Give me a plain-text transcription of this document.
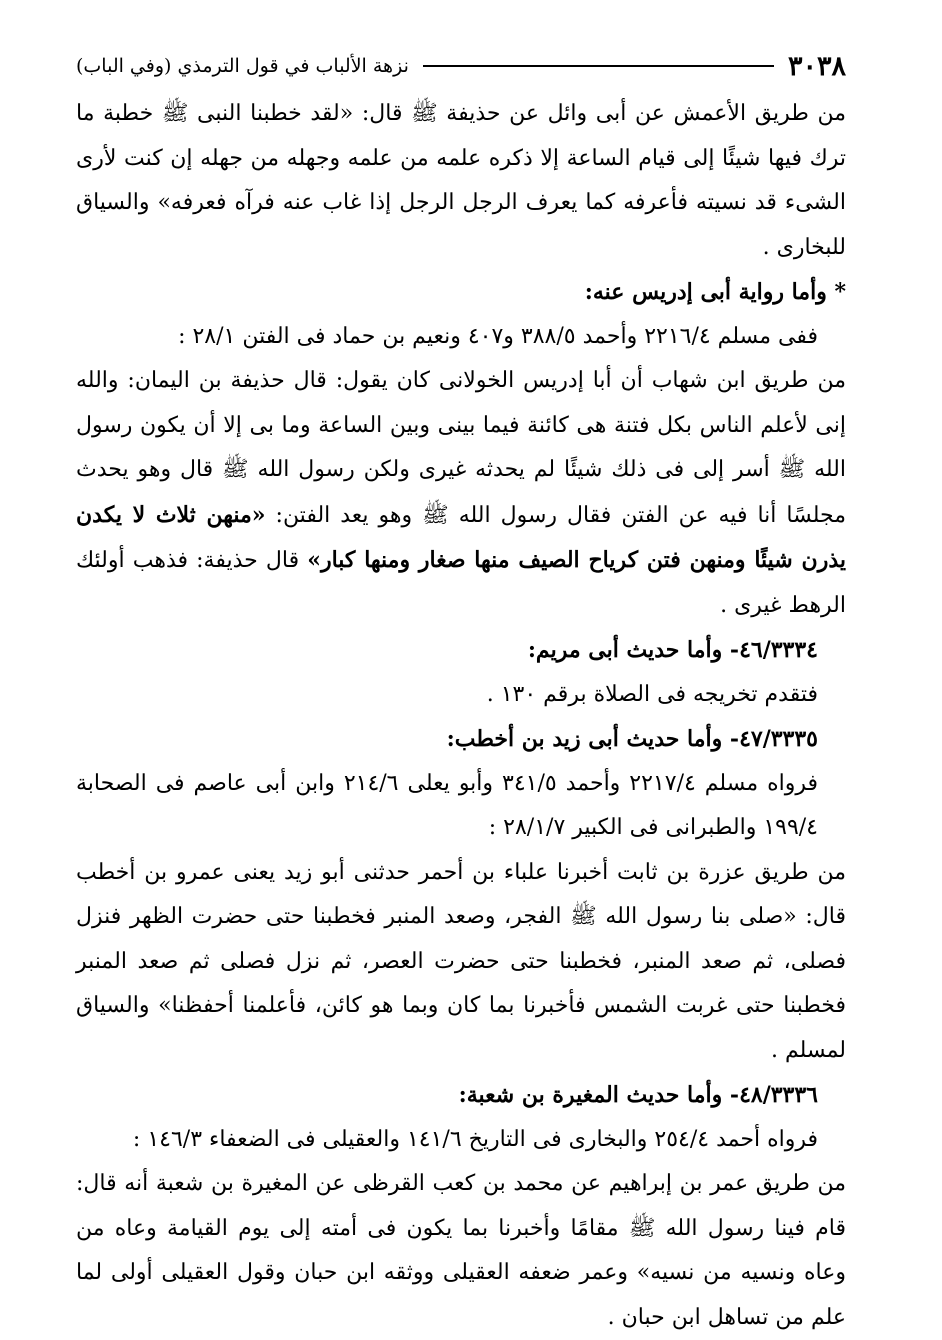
٣٠٣٨
نزهة الألباب في قول الترمذي (وفي الباب)

من طريق الأعمش عن أبى وائل عن حذيفة ﷺ قال: «لقد خطبنا النبى ﷺ خطبة ما ترك فيها شيئًا إلى قيام الساعة إلا ذكره علمه من علمه وجهله من جهله إن كنت لأرى الشىء قد نسيته فأعرفه كما يعرف الرجل الرجل إذا غاب عنه فرآه فعرفه» والسياق للبخارى .

* وأما رواية أبى إدريس عنه:

ففى مسلم ٢٢١٦/٤ وأحمد ٣٨٨/٥ و٤٠٧ ونعيم بن حماد فى الفتن ٢٨/١ :

من طريق ابن شهاب أن أبا إدريس الخولانى كان يقول: قال حذيفة بن اليمان: والله إنى لأعلم الناس بكل فتنة هى كائنة فيما بينى وبين الساعة وما بى إلا أن يكون رسول الله ﷺ أسر إلى فى ذلك شيئًا لم يحدثه غيرى ولكن رسول الله ﷺ قال وهو يحدث مجلسًا أنا فيه عن الفتن فقال رسول الله ﷺ وهو يعد الفتن: «منهن ثلاث لا يكدن يذرن شيئًا ومنهن فتن كرياح الصيف منها صغار ومنها كبار» قال حذيفة: فذهب أولئك الرهط غيرى .

٤٦/٣٣٣٤- وأما حديث أبى مريم:

فتقدم تخريجه فى الصلاة برقم ١٣٠ .

٤٧/٣٣٣٥- وأما حديث أبى زيد بن أخطب:

فرواه مسلم ٢٢١٧/٤ وأحمد ٣٤١/٥ وأبو يعلى ٢١٤/٦ وابن أبى عاصم فى الصحابة ١٩٩/٤ والطبرانى فى الكبير ٢٨/١/٧ :

من طريق عزرة بن ثابت أخبرنا علباء بن أحمر حدثنى أبو زيد يعنى عمرو بن أخطب قال: «صلى بنا رسول الله ﷺ الفجر، وصعد المنبر فخطبنا حتى حضرت الظهر فنزل فصلى، ثم صعد المنبر، فخطبنا حتى حضرت العصر، ثم نزل فصلى ثم صعد المنبر فخطبنا حتى غربت الشمس فأخبرنا بما كان وبما هو كائن، فأعلمنا أحفظنا» والسياق لمسلم .

٤٨/٣٣٣٦- وأما حديث المغيرة بن شعبة:

فرواه أحمد ٢٥٤/٤ والبخارى فى التاريخ ١٤١/٦ والعقيلى فى الضعفاء ١٤٦/٣ :

من طريق عمر بن إبراهيم عن محمد بن كعب القرظى عن المغيرة بن شعبة أنه قال: قام فينا رسول الله ﷺ مقامًا وأخبرنا بما يكون فى أمته إلى يوم القيامة وعاه من وعاه ونسيه من نسيه» وعمر ضعفه العقيلى ووثقه ابن حبان وقول العقيلى أولى لما علم من تساهل ابن حبان .
